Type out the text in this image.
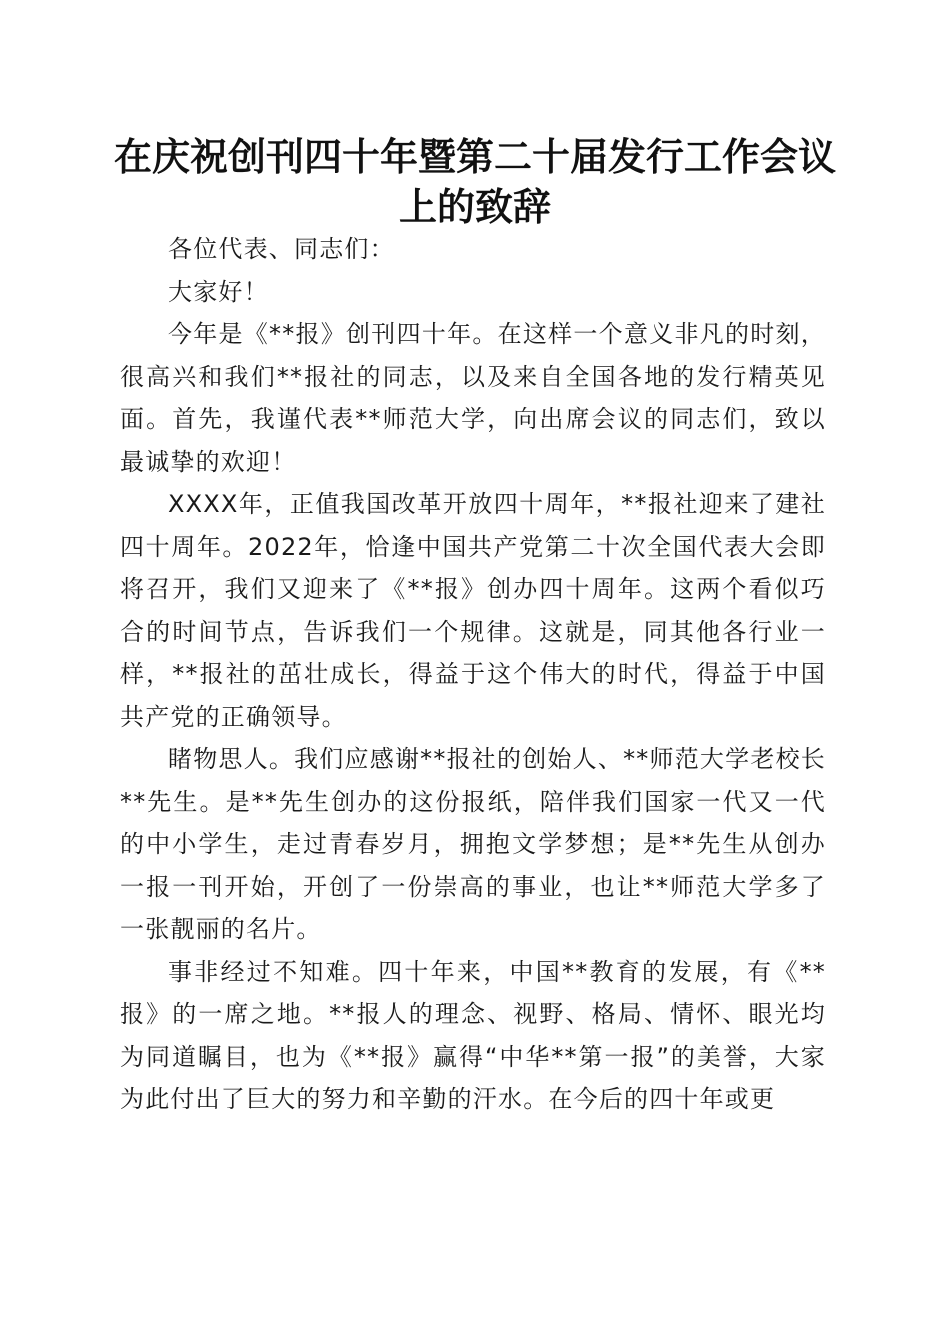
在庆祝创刊四十年暨第二十届发行工作会议上的致辞

各位代表、同志们：

大家好！

今年是《**报》创刊四十年。在这样一个意义非凡的时刻，很高兴和我们**报社的同志，以及来自全国各地的发行精英见面。首先，我谨代表**师范大学，向出席会议的同志们，致以最诚挚的欢迎！

XXXX年，正值我国改革开放四十周年，**报社迎来了建社四十周年。2022年，恰逢中国共产党第二十次全国代表大会即将召开，我们又迎来了《**报》创办四十周年。这两个看似巧合的时间节点，告诉我们一个规律。这就是，同其他各行业一样，**报社的茁壮成长，得益于这个伟大的时代，得益于中国共产党的正确领导。

睹物思人。我们应感谢**报社的创始人、**师范大学老校长**先生。是**先生创办的这份报纸，陪伴我们国家一代又一代的中小学生，走过青春岁月，拥抱文学梦想；是**先生从创办一报一刊开始，开创了一份崇高的事业，也让**师范大学多了一张靓丽的名片。

事非经过不知难。四十年来，中国**教育的发展，有《**报》的一席之地。**报人的理念、视野、格局、情怀、眼光均为同道瞩目，也为《**报》赢得“中华**第一报”的美誉，大家为此付出了巨大的努力和辛勤的汗水。在今后的四十年或更
